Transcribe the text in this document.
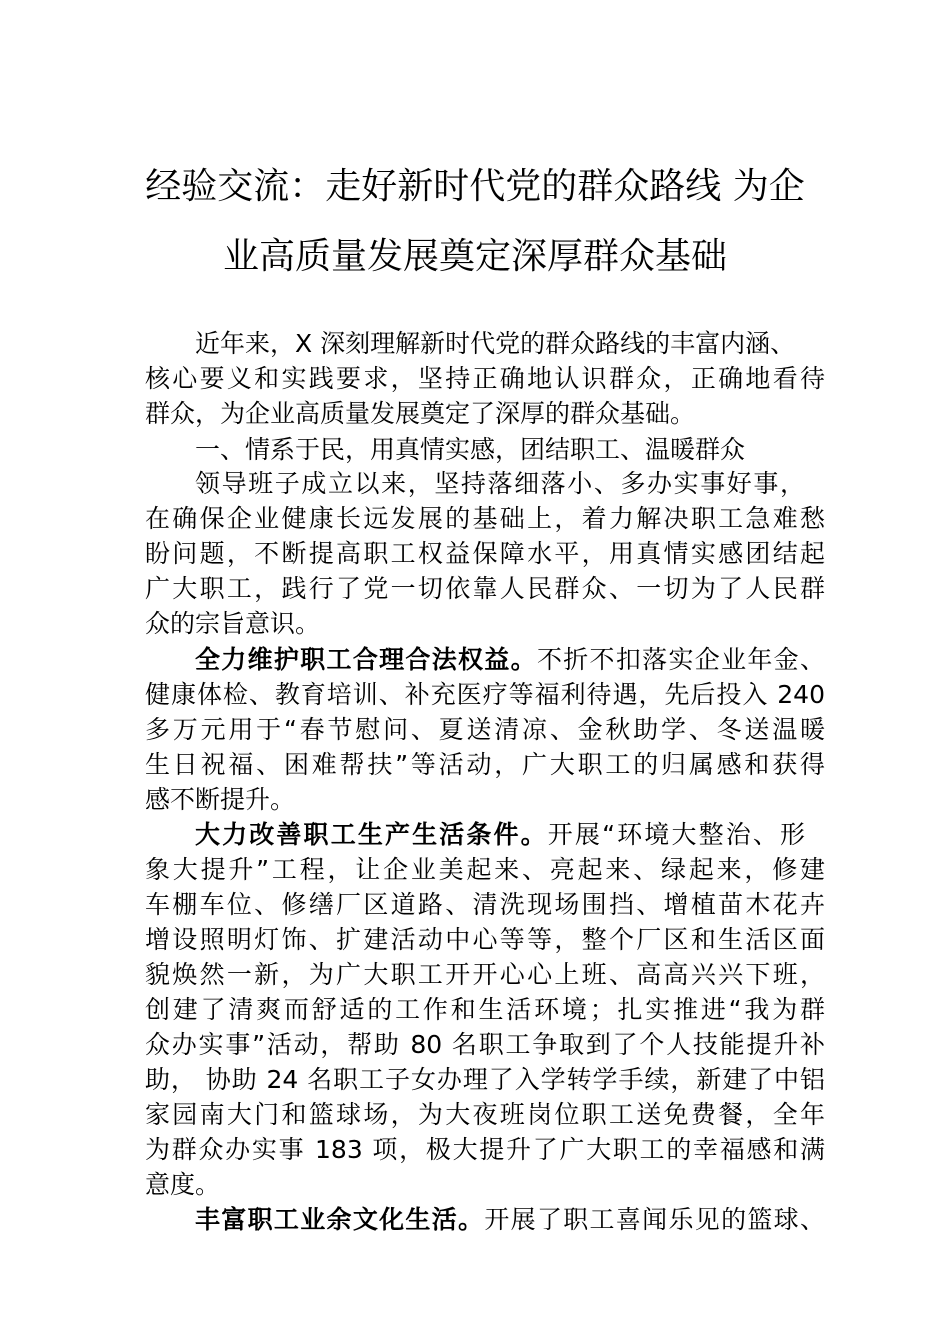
经验交流：走好新时代党的群众路线 为企
业高质量发展奠定深厚群众基础
近年来，X 深刻理解新时代党的群众路线的丰富内涵、
核心要义和实践要求，坚持正确地认识群众，正确地看待
群众，为企业高质量发展奠定了深厚的群众基础。
一、情系于民，用真情实感，团结职工、温暖群众
领导班子成立以来，坚持落细落小、多办实事好事，
在确保企业健康长远发展的基础上，着力解决职工急难愁
盼问题，不断提高职工权益保障水平，用真情实感团结起
广大职工，践行了党一切依靠人民群众、一切为了人民群
众的宗旨意识。
全力维护职工合理合法权益。不折不扣落实企业年金、
健康体检、教育培训、补充医疗等福利待遇，先后投入 240
多万元用于“春节慰问、夏送清凉、金秋助学、冬送温暖
生日祝福、困难帮扶”等活动，广大职工的归属感和获得
感不断提升。
大力改善职工生产生活条件。开展“环境大整治、形
象大提升”工程，让企业美起来、亮起来、绿起来，修建
车棚车位、修缮厂区道路、清洗现场围挡、增植苗木花卉
增设照明灯饰、扩建活动中心等等，整个厂区和生活区面
貌焕然一新，为广大职工开开心心上班、高高兴兴下班，
创建了清爽而舒适的工作和生活环境；扎实推进“我为群
众办实事”活动，帮助 80 名职工争取到了个人技能提升补
助， 协助 24 名职工子女办理了入学转学手续，新建了中铝
家园南大门和篮球场，为大夜班岗位职工送免费餐，全年
为群众办实事 183 项，极大提升了广大职工的幸福感和满
意度。
丰富职工业余文化生活。开展了职工喜闻乐见的篮球、
